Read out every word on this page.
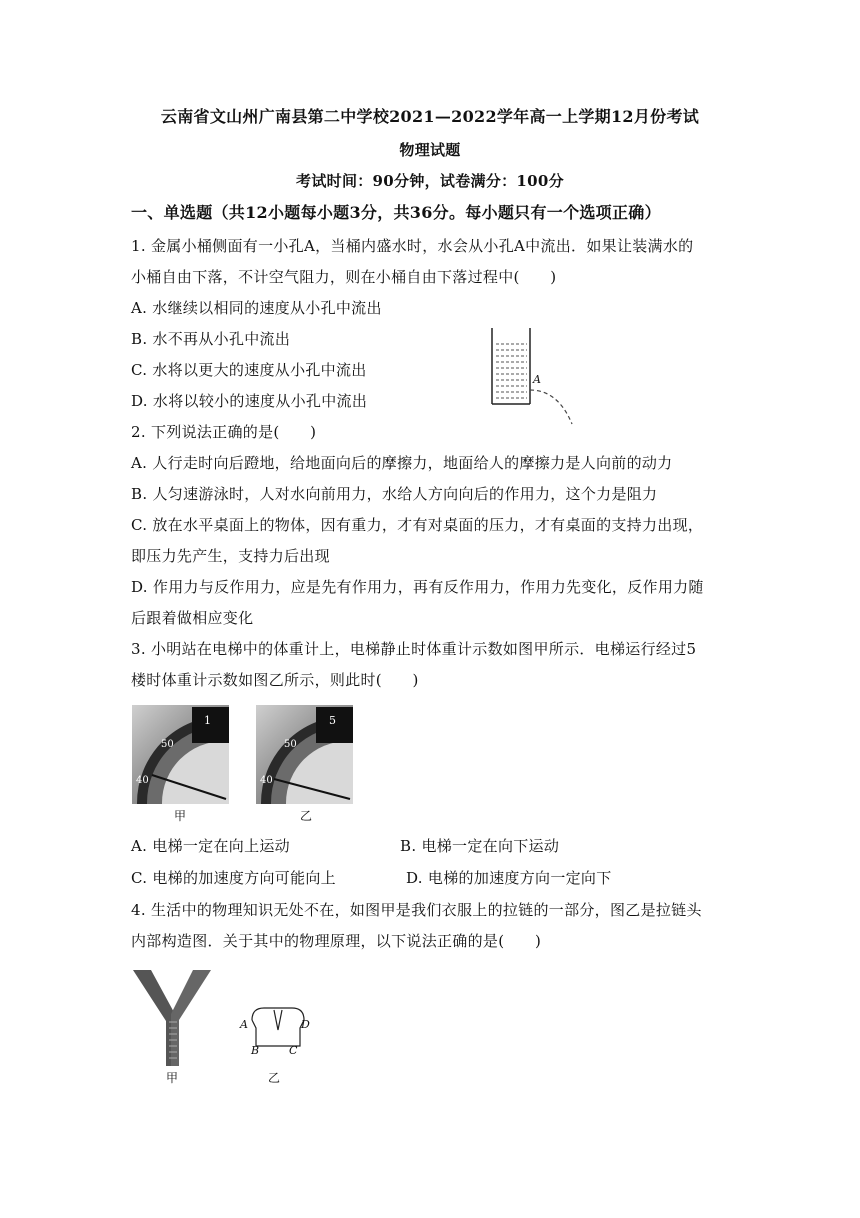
云南省文山州广南县第二中学校2021—2022学年高一上学期12月份考试
物理试题
考试时间：90分钟，试卷满分：100分
一、单选题（共12小题每小题3分，共36分。每小题只有一个选项正确）
1. 金属小桶侧面有一小孔A，当桶内盛水时，水会从小孔A中流出．如果让装满水的
小桶自由下落，不计空气阻力，则在小桶自由下落过程中(　　)
A. 水继续以相同的速度从小孔中流出
B. 水不再从小孔中流出
C. 水将以更大的速度从小孔中流出
D. 水将以较小的速度从小孔中流出
A
2. 下列说法正确的是(　　)
A. 人行走时向后蹬地，给地面向后的摩擦力，地面给人的摩擦力是人向前的动力
B. 人匀速游泳时，人对水向前用力，水给人方向向后的作用力，这个力是阻力
C. 放在水平桌面上的物体，因有重力，才有对桌面的压力，才有桌面的支持力出现，
即压力先产生，支持力后出现
D. 作用力与反作用力，应是先有作用力，再有反作用力，作用力先变化，反作用力随
后跟着做相应变化
3. 小明站在电梯中的体重计上，电梯静止时体重计示数如图甲所示．电梯运行经过5
楼时体重计示数如图乙所示，则此时(　　)
1
50
40
甲
5
50
40
乙
A. 电梯一定在向上运动	B. 电梯一定在向下运动
C. 电梯的加速度方向可能向上	D. 电梯的加速度方向一定向下
4. 生活中的物理知识无处不在，如图甲是我们衣服上的拉链的一部分，图乙是拉链头
内部构造图．关于其中的物理原理，以下说法正确的是(　　)
甲
A	D
B	C
乙
